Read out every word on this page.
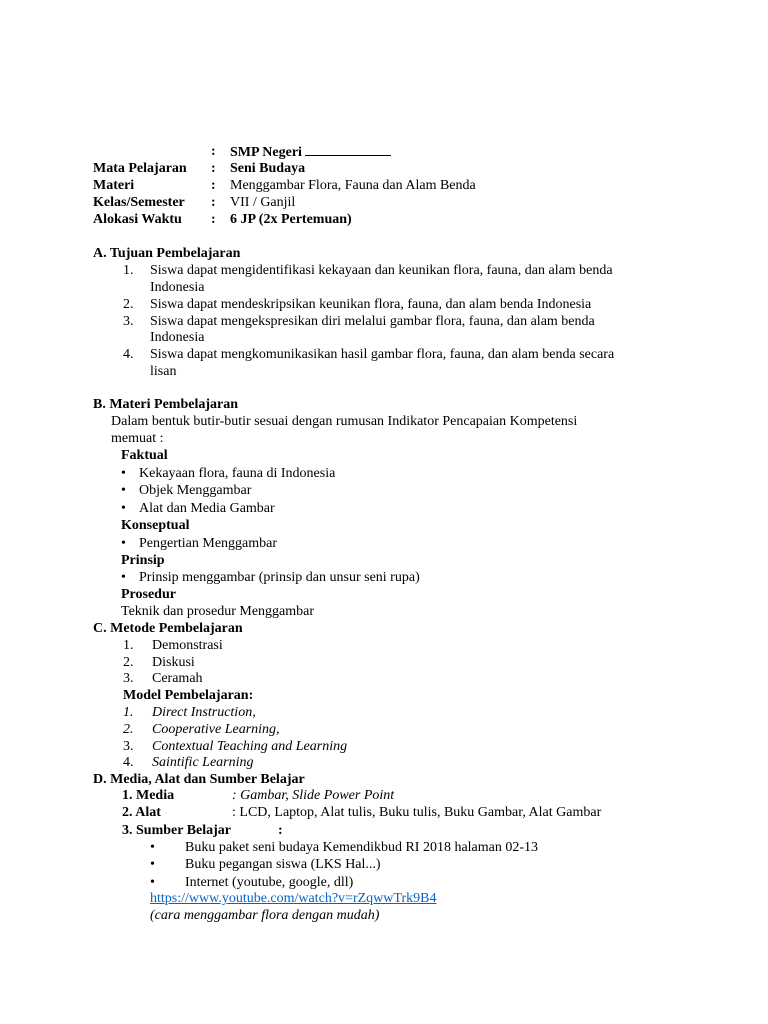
: SMP Negeri
Mata Pelajaran : Seni Budaya
Materi	: Menggambar Flora, Fauna dan Alam Benda
Kelas/Semester : VII / Ganjil
Alokasi Waktu : 6 JP (2x Pertemuan)
A. Tujuan Pembelajaran
1. Siswa dapat mengidentifikasi kekayaan dan keunikan flora, fauna, dan alam benda
Indonesia
2. Siswa dapat mendeskripsikan keunikan flora, fauna, dan alam benda Indonesia
3. Siswa dapat mengekspresikan diri melalui gambar flora, fauna, dan alam benda
Indonesia
4. Siswa dapat mengkomunikasikan hasil gambar flora, fauna, dan alam benda secara
lisan
B. Materi Pembelajaran
Dalam bentuk butir-butir sesuai dengan rumusan Indikator Pencapaian Kompetensi
memuat :
Faktual
• Kekayaan flora, fauna di Indonesia
• Objek Menggambar
• Alat dan Media Gambar
Konseptual
• Pengertian Menggambar
Prinsip
• Prinsip menggambar (prinsip dan unsur seni rupa)
Prosedur
Teknik dan prosedur Menggambar
C. Metode Pembelajaran
1. Demonstrasi
2. Diskusi
3. Ceramah
Model Pembelajaran:
1. Direct Instruction,
2. Cooperative Learning,
3. Contextual Teaching and Learning
4. Saintific Learning
D. Media, Alat dan Sumber Belajar
1. Media	: Gambar, Slide Power Point
2. Alat	: LCD, Laptop, Alat tulis, Buku tulis, Buku Gambar, Alat Gambar
3. Sumber Belajar	:
• Buku paket seni budaya Kemendikbud RI 2018 halaman 02-13
• Buku pegangan siswa (LKS Hal...)
• Internet (youtube, google, dll)
https://www.youtube.com/watch?v=rZqwwTrk9B4
(cara menggambar flora dengan mudah)
